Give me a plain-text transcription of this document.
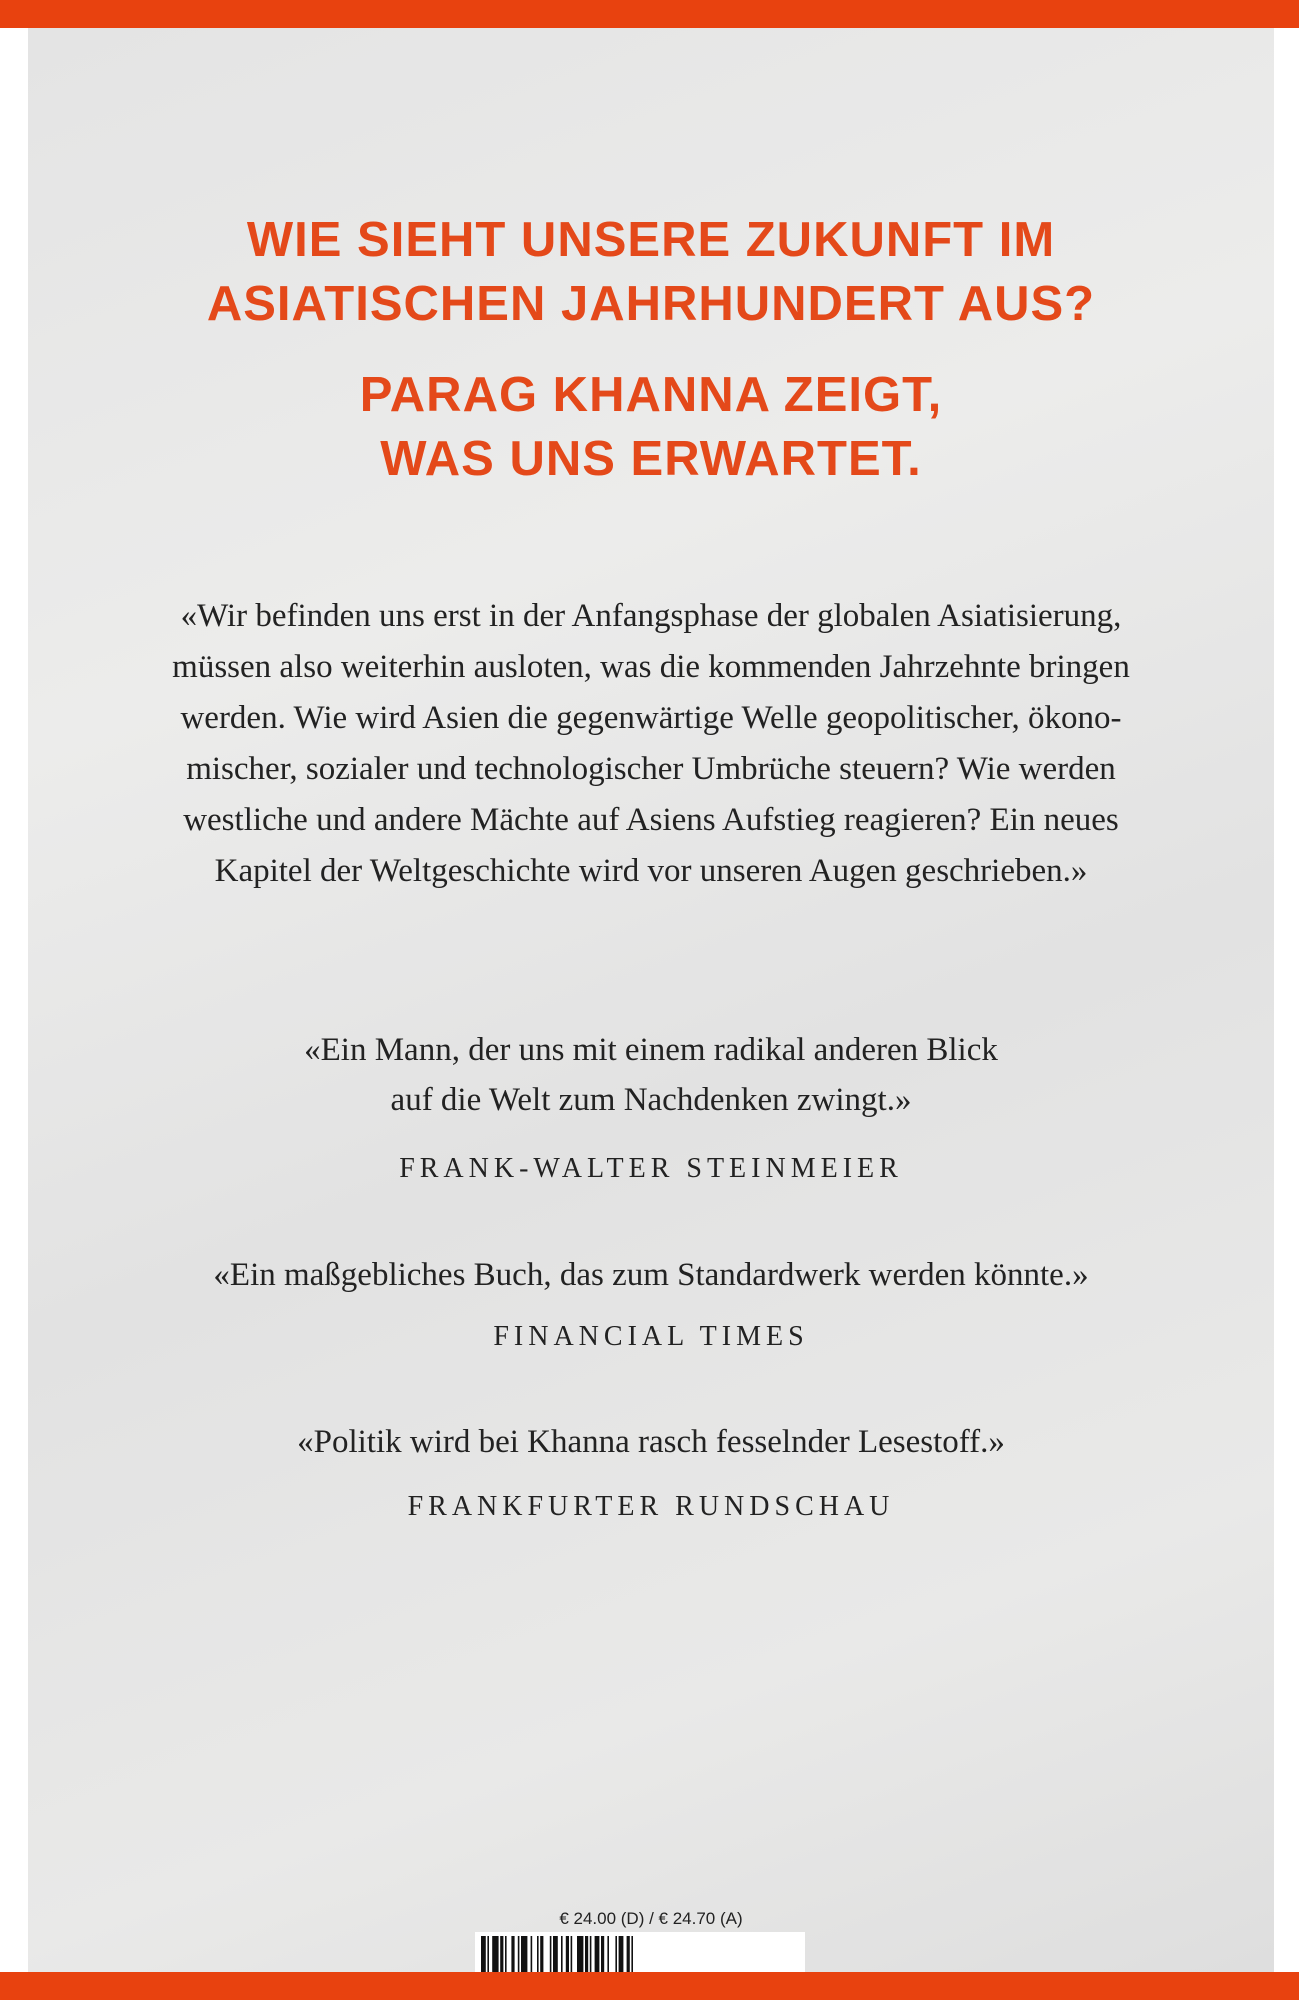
WIE SIEHT UNSERE ZUKUNFT IM
ASIATISCHEN JAHRHUNDERT AUS?
PARAG KHANNA ZEIGT,
WAS UNS ERWARTET.

«Wir befinden uns erst in der Anfangsphase der globalen Asiatisierung,
müssen also weiterhin ausloten, was die kommenden Jahrzehnte bringen
werden. Wie wird Asien die gegenwärtige Welle geopolitischer, ökono-
mischer, sozialer und technologischer Umbrüche steuern? Wie werden
westliche und andere Mächte auf Asiens Aufstieg reagieren? Ein neues
Kapitel der Weltgeschichte wird vor unseren Augen geschrieben.»

«Ein Mann, der uns mit einem radikal anderen Blick
auf die Welt zum Nachdenken zwingt.»

FRANK-WALTER STEINMEIER

«Ein maßgebliches Buch, das zum Standardwerk werden könnte.»

FINANCIAL TIMES

«Politik wird bei Khanna rasch fesselnder Lesestoff.»

FRANKFURTER RUNDSCHAU

€ 24.00 (D) / € 24.70 (A)
